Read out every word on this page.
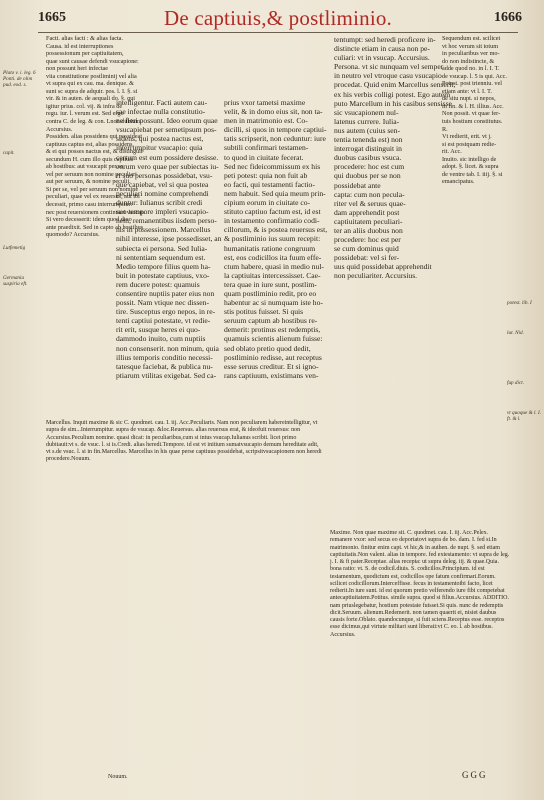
1665	De captiuis,& postliminio.	1666
Plato v. i. leg. 6 Ponti. de olim pud. eod. s.
capit.
Lutfemetig
Germania suspiria eft.
potest. lib. I
lur. Nid.
fup dict.
vt quoque & l. I. ft. & l.
Facti. alias facti : & alias facta.
Causa. id est interruptiones
possessionum per captiuitatem,
quae sunt causae defendi vsucapione:
non possunt heri infectae
viia constitutione postliminij vel alia
vt supra qui ex cau. ma. denique. &
sunt sc supra de adquir. pos. l. I. §. si
vir. & in auten. de aequali do. §. qui
igitur prius. col. vij. & infra de
regu. iur. l. verum est. Sed ergo
contra C. de leg. & con. Lnon dubium.
Accursius.
Possiden. alias possidens qui possideat
captiuus captus est, alias possidens,
& ei qui posses nactus est, & distinguit
secundum H. cum illo quis captiuis
ab hostibus: aut vsucapit per se,
vel per seruum non nomine peculiari
aut per seruum, & nomine peculij.
Si per se, vel per seruum non nomine
peculiari, quae vel ex reuersus, aut ibi
decessit, primo casu interrumpitur:
nec post reuersionem continuari vsucap.
Si vero decesserit: idem quod diuo
ante praedixit. Sed in capto ab hostibus
quomodo? Accursius.
intelligentur. Facti autem cau-
sae infectae nulla constitutio-
ne fieri possunt. Ideo eorum quae
vsucapiebat per semetipsum pos-
sidens, qui postea nactus est,
interrumpitur vsucapio: quia
certum est eum possidere desisse.
eorum vero quae per subiectas iu-
ri suo personas possidebat, vsu-
que capiebat, vel si qua postea
peculiari nomine comprehendi
duntur: Iulianus scribit credi
suo tempore impleri vsucapio-
nem, remanentibus iisdem perso-
nis in possessionem. Marcellus
nihil interesse, ipse possedisset, an
subiecta ei persona. Sed Iulia-
ni sententiam sequendum est.
Medio tempore filius quem ha-
buit in potestate captiuus, vxo-
rem ducere potest: quamuis
consentire nuptiis pater eius non
possit. Nam vtique nec dissen-
tire. Susceptus ergo nepos, in re-
tenti captiui potestate, vt redie-
rit erit, susque heres ei quo-
dammodo inuito, cum nuptiis
non consenserit. non minum, quia
illius temporis conditio necessi-
tatesque faciebat, & publica nu-
ptiarum vtilitas exigebat. Sed ca-
prius vxor tametsi maxime
velit, & in domo eius sit, non ta-
men in matrimonio est. Co-
dicilli, si quos in tempore captiui-
tatis scripserit, non ceduntur: iure
subtili confirmari testamen-
to quod in ciuitate fecerat.
Sed nec fideicommissum ex his
peti potest: quia non fuit ab
eo facti, qui testamenti factio-
nem habuit. Sed quia meum prin-
cipium eorum in ciuitate co-
stituto captiuo factum est, id est
in testamento confirmatio codi-
cillorum, & is postea reuersus est,
& postliminio ius suum recepit:
humanitatis ratione congruum
est, eos codicillos ita fuum effe-
ctum habere, quasi in medio nul-
la captiuitas intercessisset. Cae-
tera quae in iure sunt, postlim-
quam postliminio redit, pro eo
habentur ac si numquam iste ho-
stis potitus fuisset. Si quis
seruum captum ab hostibus re-
demerit: protinus est redemptis,
quamuis scientis alienum fuisse:
sed oblato pretio quod dedit,
postliminio redisse, aut receptus
esse seruus creditur. Et si igno-
rans captiuum, existimans ven-
tentumpt: sed heredi proficere in-
distincte etiam in causa non pe-
culiari: vt in vsucap. Accursius.
Persona. vt sic nunquam vel semper
in neutro vel vtroque casu vsucapio
procedat. Quid enim Marcellus senserit,
ex his verbis colligi potest. Ego autem
puto Marcellum in his casibus sensisse
sic vsucapionem nul-
latenus currere. Iulia-
nus autem (cuius sen-
tentia tenenda est) non
interrogat distinguit in
duobus casibus vsuca.
procedere: hoc est cum
qui duobus per se non
possidebat ante
capta: cum non pecula-
riter vel & seruus quae-
dam apprehendit post
captiuitatem peculiari-
ter an aliis duobus non
procedere: hoc est per
se cum dominus quid
possidebat: vel si fer-
uus quid possidebat apprehendit
non peculiariter. Accursius.
Sequendum est. scilicet
vt hoc verum sit totum
in peculiaribus ver mo-
do non indistincte, &
adde quod no. in l. I. T.
de vsucap. l. 5 is qui. Acc.
Potest. post trienniu. vel
etiam ante: vt l. I. T.
de situ nupt. si nepos,
in fin. & l. H. illius. Acc.
Non possit. vt quae fer-
tuis hostium constitutus.
R.
Vt redierit, erit. vt j.
si est postquam redie-
rit. Acc.
Inuito. sic intelligo de
adopt. §. licet. & supra
de ventre tab. I. iiij. §. si
emancipatus.
Marcellus. Inquit maxime & sic C. quodmet. cau. I. iij. Acc.Peculiaris. Nam non peculiarem habereintelligitur, vt supra de sim...Interrumpitur. supra de vsucap. &loc.Reuersus. alias reuersus erat, & ideofuit reuersus: non Accursius.Peculium nomine. quasi dicat: in peculiaribus,cum si intus vsucap.Iulianus scribit. licet primo dubitauit:vt s. de vsuc. l. si is.Credi. alias heredi.Tempore. id est vt initium sumatvsucapio demum hereditate adit, vt s.de vsuc. l. si in fin.Marcellus. Marcellus in his quae perse captiuus possidebat, scripsitvsucapionem non heredi procedere.Nouum.
Maxime. Non quae maxime sit. C. quodmet. cau. I. iij. Acc.Pelex. remanere vxor: sed secus eo deportatovt supra de bo. dam. I. fed si.In matrimonio. finitur enim capt. vt hic,& in authen. de nupt. §. sed etiam captiuitatis.Non valent. alias in tempore. fed extestamento: vt supra de leg. j. I. & fi pater.Receptae. alias recepta: ut supra deleg. iij. & quae.Quia. bona ratio: vt. S. de codicil.diuis. S. codicillos.Principium. id est testamentum, quodictum est, codicillos ope fatum confirmari.Eorum. scilicet codicillorum.Interceffisse. fecus in testamentoibi facto, licet redierit.In iure sunt. id est quorum pretio velferendo iure fibi competebat antecaptiuitatem.Potitus. simile supra. quod si filius.Accursius. ADDITIO. nam priuslegebatur, hostium potestate fuisset.Si quis. nunc de redemptis dicit.Seruum. alienum.Redemerit. non tamen quaerit ei, nisiet daubus causis forte.Oblato. quandocunque, si fuit sciens.Receptus esse. receptos esse dicimus,qui virtute militari sunt liberati:vt C. eo. l. ab hostibus. Accursius.
Nouum.	GGG
